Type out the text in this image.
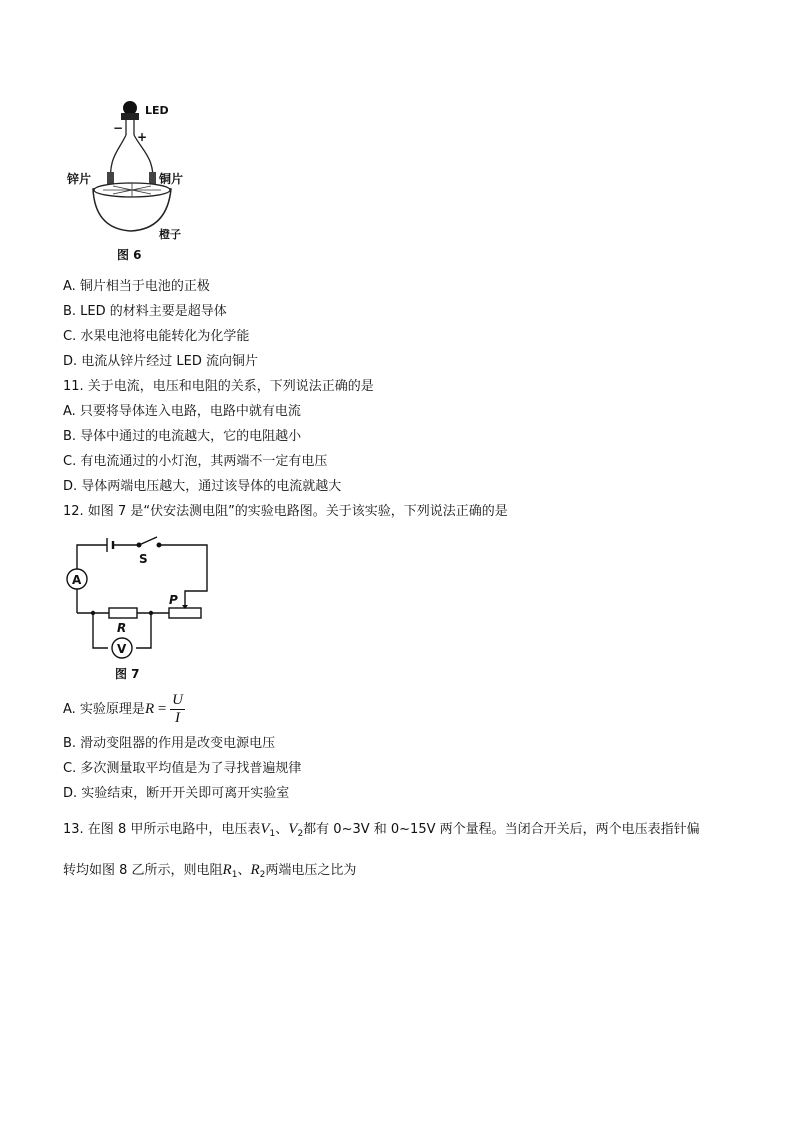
LED
−
+
锌片	铜片
橙子
图 6
A. 铜片相当于电池的正极
B. LED 的材料主要是超导体
C. 水果电池将电能转化为化学能
D. 电流从锌片经过 LED 流向铜片
11. 关于电流，电压和电阻的关系，下列说法正确的是
A. 只要将导体连入电路，电路中就有电流
B. 导体中通过的电流越大，它的电阻越小
C. 有电流通过的小灯泡，其两端不一定有电压
D. 导体两端电压越大，通过该导体的电流就越大
12. 如图 7 是“伏安法测电阻”的实验电路图。关于该实验，下列说法正确的是
A
V
S
R
P
图 7
A. 实验原理是$R = \frac{U}{I}$
B. 滑动变阻器的作用是改变电源电压
C. 多次测量取平均值是为了寻找普遍规律
D. 实验结束，断开开关即可离开实验室
13. 在图 8 甲所示电路中，电压表$V_1$、$V_2$都有 0~3V 和 0~15V 两个量程。当闭合开关后，两个电压表指针偏
转均如图 8 乙所示，则电阻$R_1$、$R_2$两端电压之比为
